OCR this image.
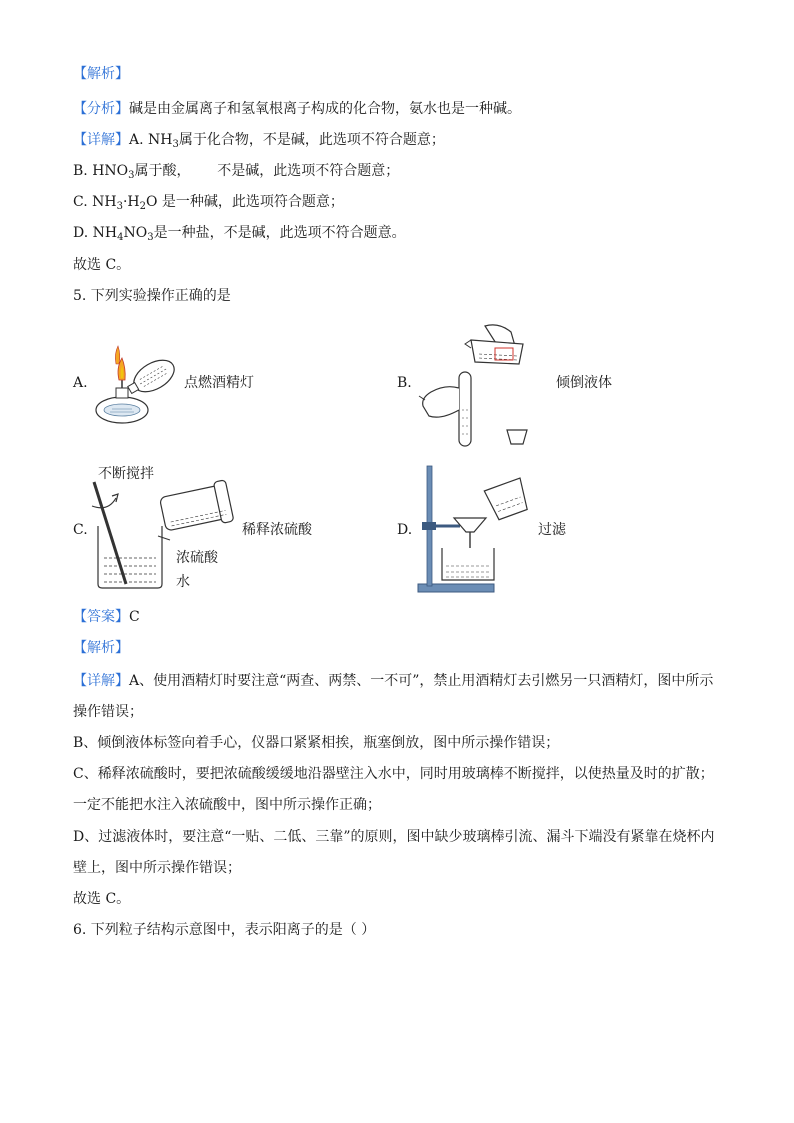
【解析】
【分析】碱是由金属离子和氢氧根离子构成的化合物，氨水也是一种碱。
【详解】A. $NH_3$属于化合物，不是碱，此选项不符合题意；
B. $HNO_3$属于酸，      不是碱，此选项不符合题意；
C. $NH_3\cdot H_2O$ 是一种碱，此选项符合题意；
D. $NH_4NO_3$是一种盐，不是碱，此选项不符合题意。
故选 C。
5. 下列实验操作正确的是
A.	点燃酒精灯	B.	倾倒液体
C.
不断搅拌
浓硫酸
水
稀释浓硫酸	D.	过滤
【答案】C
【解析】
【详解】A、使用酒精灯时要注意“两查、两禁、一不可”，禁止用酒精灯去引燃另一只酒精灯，图中所示
操作错误；
B、倾倒液体标签向着手心，仪器口紧紧相挨，瓶塞倒放，图中所示操作错误；
C、稀释浓硫酸时，要把浓硫酸缓缓地沿器壁注入水中，同时用玻璃棒不断搅拌，以使热量及时的扩散；
一定不能把水注入浓硫酸中，图中所示操作正确；
D、过滤液体时，要注意“一贴、二低、三靠”的原则，图中缺少玻璃棒引流、漏斗下端没有紧靠在烧杯内
壁上，图中所示操作错误；
故选 C。
6. 下列粒子结构示意图中，表示阳离子的是（ ）
